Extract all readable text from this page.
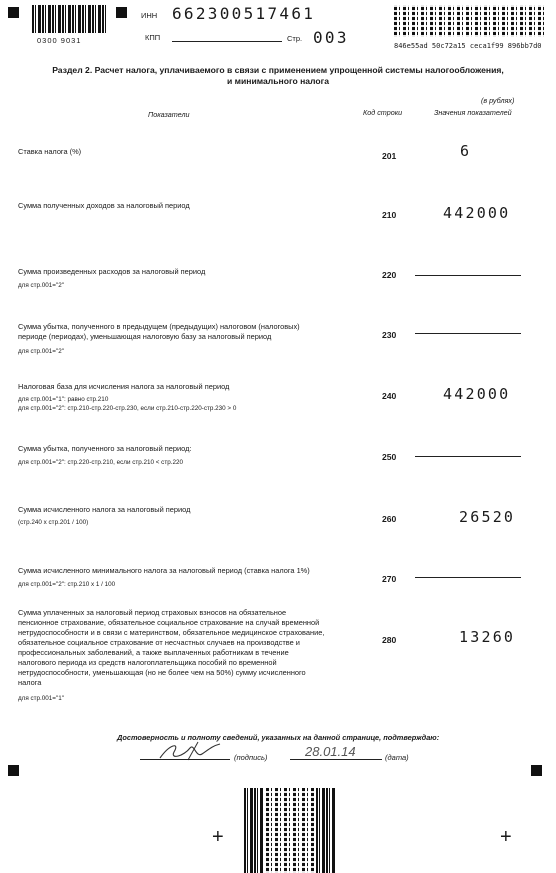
0300 9031
ИНН 662300517461
КПП	Стр. 003	846e55ad 50c72a15 ceca1f99 896bb7d0
Раздел 2. Расчет налога, уплачиваемого в связи с применением упрощенной системы налогообложения,
и минимального налога
(в рублях)
Показатели	Код строки	Значения показателей
Ставка налога (%)	201	6
Сумма полученных доходов за налоговый период
210	442000
Сумма произведенных расходов за налоговый период
для стр.001="2"
220
Сумма убытка, полученного в предыдущем (предыдущих) налоговом (налоговых)
периоде (периодах), уменьшающая налоговую базу за налоговый период
для стр.001="2"
230
Налоговая база для исчисления налога за налоговый период
для стр.001="1": равно стр.210
для стр.001="2": стр.210-стр.220-стр.230, если стр.210-стр.220-стр.230 > 0
240	442000
Сумма убытка, полученного за налоговый период:
для стр.001="2": стр.220-стр.210, если стр.210 < стр.220
250
Сумма исчисленного налога за налоговый период
(стр.240 х стр.201 / 100)	260	26520
Сумма исчисленного минимального налога за налоговый период (ставка налога 1%)
для стр.001="2": стр.210 х 1 / 100
270
Сумма уплаченных за налоговый период страховых взносов на обязательное
пенсионное страхование, обязательное социальное страхование на случай временной
нетрудоспособности и в связи с материнством, обязательное медицинское страхование,
обязательное социальное страхование от несчастных случаев на производстве и
профессиональных заболеваний, а также выплаченных работникам в течение
налогового периода из средств налогоплательщика пособий по временной
нетрудоспособности, уменьшающая (но не более чем на 50%) сумму исчисленного
налога
для стр.001="1"
280	13260
Достоверность и полноту сведений, указанных на данной странице, подтверждаю:
(подпись)	28.01.14	(дата)
+	+
